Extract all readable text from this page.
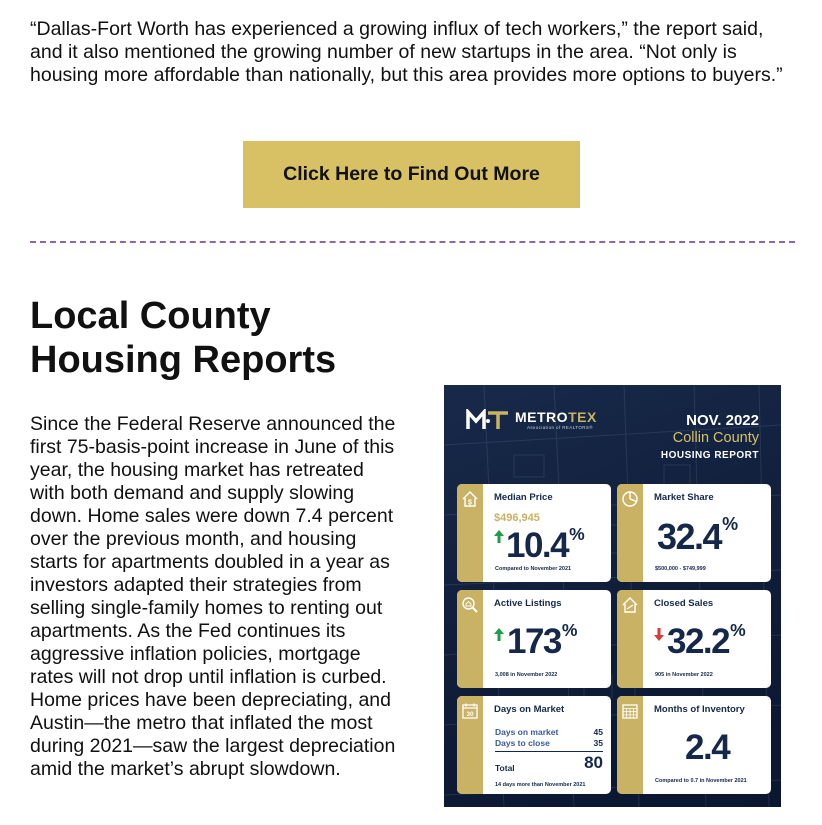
“Dallas-Fort Worth has experienced a growing influx of tech workers,” the report said, and it also mentioned the growing number of new startups in the area. “Not only is housing more affordable than nationally, but this area provides more options to buyers.”

Click Here to Find Out More
Local County Housing Reports

Since the Federal Reserve announced the first 75-basis-point increase in June of this year, the housing market has retreated with both demand and supply slowing down. Home sales were down 7.4 percent over the previous month, and housing starts for apartments doubled in a year as investors adapted their strategies from selling single-family homes to renting out apartments. As the Fed continues its aggressive inflation policies, mortgage rates will not drop until inflation is curbed. Home prices have been depreciating, and Austin—the metro that inflated the most during 2021—saw the largest depreciation amid the market’s abrupt slowdown.

METROTEX
Association of REALTORS®	NOV. 2022
Collin County
HOUSING REPORT
$ Median Price
$496,945
10.4%
Compared to November 2021
Market Share
32.4%
$500,000 - $749,999
Active Listings
173%
3,008 in November 2022
Closed Sales
32.2%
905 in November 2022
30 Days on Market
Days on market	45
Days to close	35
Total	80
14 days more than November 2021
Months of Inventory
2.4
Compared to 0.7 in November 2021
